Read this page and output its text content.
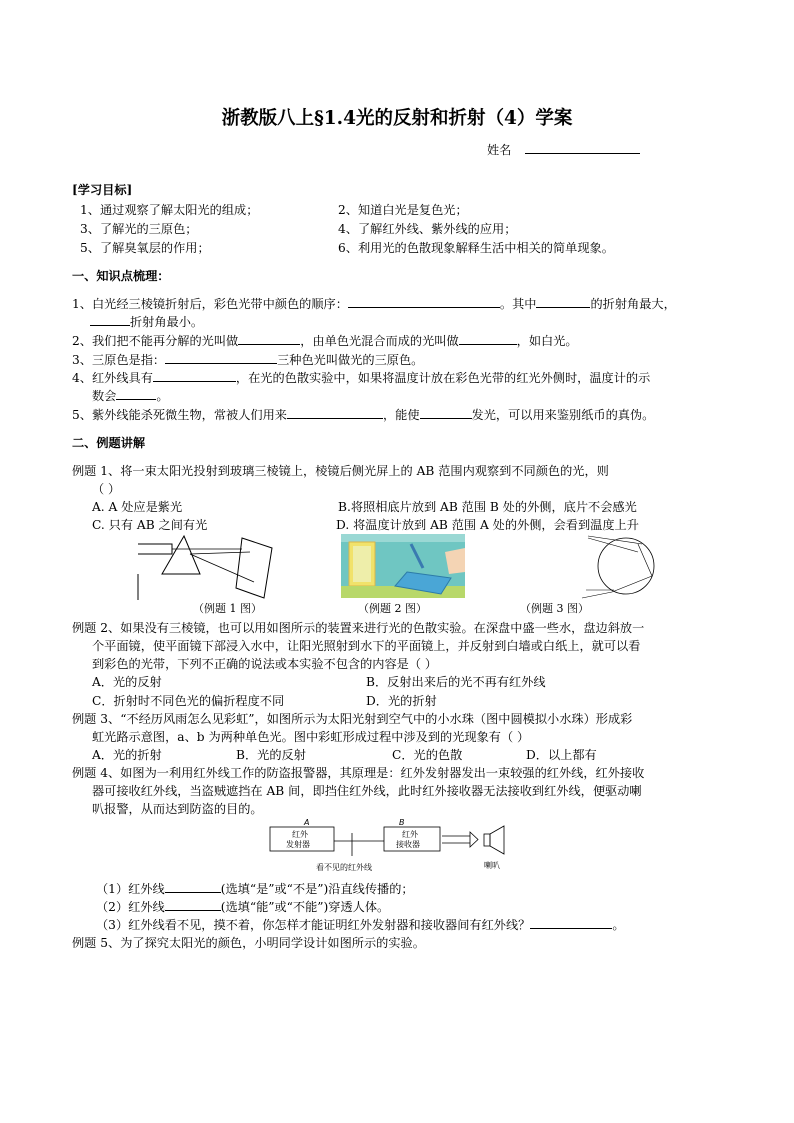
浙教版八上§1.4光的反射和折射（4）学案
姓名
[学习目标]
1、通过观察了解太阳光的组成；	2、知道白光是复色光；
3、了解光的三原色；	4、了解红外线、紫外线的应用；
5、了解臭氧层的作用；	6、利用光的色散现象解释生活中相关的简单现象。
一、知识点梳理：
1、白光经三棱镜折射后，彩色光带中颜色的顺序：	。其中	的折射角最大，
折射角最小。
2、我们把不能再分解的光叫做	，由单色光混合而成的光叫做	，如白光。
3、三原色是指：	三种色光叫做光的三原色。
4、红外线具有	，在光的色散实验中，如果将温度计放在彩色光带的红光外侧时，温度计的示
数会	。
5、紫外线能杀死微生物，常被人们用来	，能使	发光，可以用来鉴别纸币的真伪。
二、例题讲解
例题 1、将一束太阳光投射到玻璃三棱镜上，棱镜后侧光屏上的 AB 范围内观察到不同颜色的光，则
（ ）
A. A 处应是紫光	B.将照相底片放到 AB 范围 B 处的外侧，底片不会感光
C. 只有 AB 之间有光	D. 将温度计放到 AB 范围 A 处的外侧，会看到温度上升
（例题 1 图）	（例题 2 图）	（例题 3 图）
例题 2、如果没有三棱镜，也可以用如图所示的装置来进行光的色散实验。在深盘中盛一些水，盘边斜放一
个平面镜，使平面镜下部浸入水中，让阳光照射到水下的平面镜上，并反射到白墙或白纸上，就可以看
到彩色的光带，下列不正确的说法或本实验不包含的内容是（ ）
A．光的反射	B．反射出来后的光不再有红外线
C．折射时不同色光的偏折程度不同	D．光的折射
例题 3、“不经历风雨怎么见彩虹”，如图所示为太阳光射到空气中的小水珠（图中圆模拟小水珠）形成彩
虹光路示意图，a、b 为两种单色光。图中彩虹形成过程中涉及到的光现象有（ ）
A．光的折射	B．光的反射	C．光的色散	D．以上都有
例题 4、如图为一利用红外线工作的防盗报警器，其原理是：红外发射器发出一束较强的红外线，红外接收
器可接收红外线，当盗贼遮挡在 AB 间，即挡住红外线，此时红外接收器无法接收到红外线，便驱动喇
叭报警，从而达到防盗的目的。
A	B
红外
发射器
看不见的红外线
红外
接收器
喇叭
（1）红外线	(选填“是”或“不是”)沿直线传播的；
（2）红外线	(选填“能”或“不能”)穿透人体。
（3）红外线看不见，摸不着，你怎样才能证明红外发射器和接收器间有红外线？	。
例题 5、为了探究太阳光的颜色，小明同学设计如图所示的实验。
